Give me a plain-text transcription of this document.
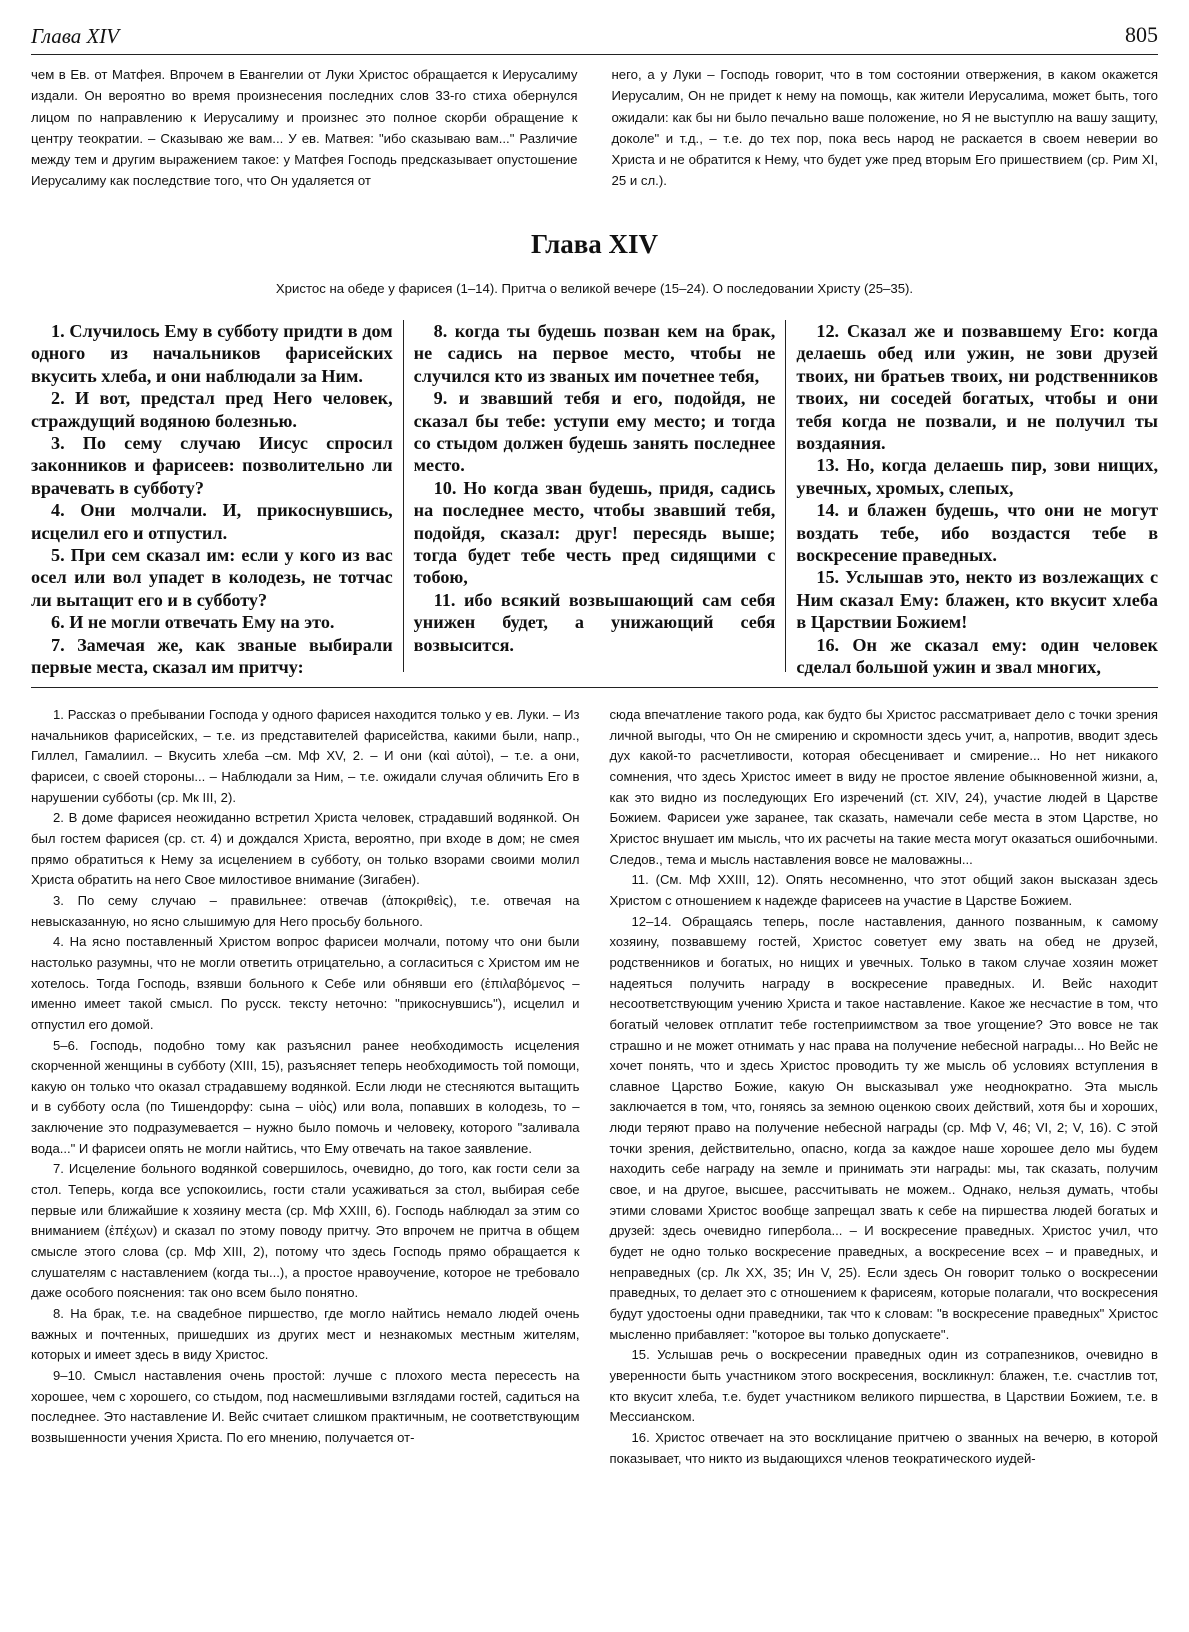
Глава XIV	805

чем в Ев. от Матфея. Впрочем в Евангелии от Луки Христос обращается к Иерусалиму издали. Он вероятно во время произнесения последних слов 33-го стиха обернулся лицом по направлению к Иерусалиму и произнес это полное скорби обращение к центру теократии. – Сказываю же вам... У ев. Матвея: "ибо сказываю вам..." Различие между тем и другим выражением такое: у Матфея Господь предсказывает опустошение Иерусалиму как последствие того, что Он удаляется от

него, а у Луки – Господь говорит, что в том состоянии отвержения, в каком окажется Иерусалим, Он не придет к нему на помощь, как жители Иерусалима, может быть, того ожидали: как бы ни было печально ваше положение, но Я не выступлю на вашу защиту, доколе" и т.д., – т.е. до тех пор, пока весь народ не раскается в своем неверии во Христа и не обратится к Нему, что будет уже пред вторым Его пришествием (ср. Рим XI, 25 и сл.).

Глава XIV
Христос на обеде у фарисея (1–14). Притча о великой вечере (15–24). О последовании Христу (25–35).

1. Случилось Ему в субботу придти в дом одного из начальников фарисейских вкусить хлеба, и они наблюдали за Ним.

2. И вот, предстал пред Него человек, страждущий водяною болезнью.

3. По сему случаю Иисус спросил законников и фарисеев: позволительно ли врачевать в субботу?

4. Они молчали. И, прикоснувшись, исцелил его и отпустил.

5. При сем сказал им: если у кого из вас осел или вол упадет в колодезь, не тотчас ли вытащит его и в субботу?

6. И не могли отвечать Ему на это.

7. Замечая же, как званые выбирали первые места, сказал им притчу:

8. когда ты будешь позван кем на брак, не садись на первое место, чтобы не случился кто из званых им почетнее тебя,

9. и звавший тебя и его, подойдя, не сказал бы тебе: уступи ему место; и тогда со стыдом должен будешь занять последнее место.

10. Но когда зван будешь, придя, садись на последнее место, чтобы звавший тебя, подойдя, сказал: друг! пересядь выше; тогда будет тебе честь пред сидящими с тобою,

11. ибо всякий возвышающий сам себя унижен будет, а унижающий себя возвысится.

12. Сказал же и позвавшему Его: когда делаешь обед или ужин, не зови друзей твоих, ни братьев твоих, ни родственников твоих, ни соседей богатых, чтобы и они тебя когда не позвали, и не получил ты воздаяния.

13. Но, когда делаешь пир, зови нищих, увечных, хромых, слепых,

14. и блажен будешь, что они не могут воздать тебе, ибо воздастся тебе в воскресение праведных.

15. Услышав это, некто из возлежащих с Ним сказал Ему: блажен, кто вкусит хлеба в Царствии Божием!

16. Он же сказал ему: один человек сделал большой ужин и звал многих,

1. Рассказ о пребывании Господа у одного фарисея находится только у ев. Луки. – Из начальников фарисейских, – т.е. из представителей фарисейства, какими были, напр., Гиллел, Гамалиил. – Вкусить хлеба –см. Мф XV, 2. – И они (καὶ αὐτοὶ), – т.е. а они, фарисеи, с своей стороны... – Наблюдали за Ним, – т.е. ожидали случая обличить Его в нарушении субботы (ср. Мк III, 2).

2. В доме фарисея неожиданно встретил Христа человек, страдавший водянкой. Он был гостем фарисея (ср. ст. 4) и дождался Христа, вероятно, при входе в дом; не смея прямо обратиться к Нему за исцелением в субботу, он только взорами своими молил Христа обратить на него Свое милостивое внимание (Зигабен).

3. По сему случаю – правильнее: отвечав (ἀποκριθεὶς), т.е. отвечая на невысказанную, но ясно слышимую для Него просьбу больного.

4. На ясно поставленный Христом вопрос фарисеи молчали, потому что они были настолько разумны, что не могли ответить отрицательно, а согласиться с Христом им не хотелось. Тогда Господь, взявши больного к Себе или обнявши его (ἐπιλαβόμενος – именно имеет такой смысл. По русск. тексту неточно: "прикоснувшись"), исцелил и отпустил его домой.

5–6. Господь, подобно тому как разъяснил ранее необходимость исцеления скорченной женщины в субботу (XIII, 15), разъясняет теперь необходимость той помощи, какую он только что оказал страдавшему водянкой. Если люди не стесняются вытащить и в субботу осла (по Тишендорфу: сына – υἱὸς) или вола, попавших в колодезь, то – заключение это подразумевается – нужно было помочь и человеку, которого "заливала вода..." И фарисеи опять не могли найтись, что Ему отвечать на такое заявление.

7. Исцеление больного водянкой совершилось, очевидно, до того, как гости сели за стол. Теперь, когда все успокоились, гости стали усаживаться за стол, выбирая себе первые или ближайшие к хозяину места (ср. Мф XXIII, 6). Господь наблюдал за этим со вниманием (ἐπέχων) и сказал по этому поводу притчу. Это впрочем не притча в общем смысле этого слова (ср. Мф XIII, 2), потому что здесь Господь прямо обращается к слушателям с наставлением (когда ты...), а простое нравоучение, которое не требовало даже особого пояснения: так оно всем было понятно.

8. На брак, т.е. на свадебное пиршество, где могло найтись немало людей очень важных и почтенных, пришедших из других мест и незнакомых местным жителям, которых и имеет здесь в виду Христос.

9–10. Смысл наставления очень простой: лучше с плохого места пересесть на хорошее, чем с хорошего, со стыдом, под насмешливыми взглядами гостей, садиться на последнее. Это наставление И. Вейс считает слишком практичным, не соответствующим возвышенности учения Христа. По его мнению, получается от-

сюда впечатление такого рода, как будто бы Христос рассматривает дело с точки зрения личной выгоды, что Он не смирению и скромности здесь учит, а, напротив, вводит здесь дух какой-то расчетливости, которая обесценивает и смирение... Но нет никакого сомнения, что здесь Христос имеет в виду не простое явление обыкновенной жизни, а, как это видно из последующих Его изречений (ст. XIV, 24), участие людей в Царстве Божием. Фарисеи уже заранее, так сказать, намечали себе места в этом Царстве, но Христос внушает им мысль, что их расчеты на такие места могут оказаться ошибочными. Следов., тема и мысль наставления вовсе не маловажны...

11. (См. Мф XXIII, 12). Опять несомненно, что этот общий закон высказан здесь Христом с отношением к надежде фарисеев на участие в Царстве Божием.

12–14. Обращаясь теперь, после наставления, данного позванным, к самому хозяину, позвавшему гостей, Христос советует ему звать на обед не друзей, родственников и богатых, но нищих и увечных. Только в таком случае хозяин может надеяться получить награду в воскресение праведных. И. Вейс находит несоответствующим учению Христа и такое наставление. Какое же несчастие в том, что богатый человек отплатит тебе гостеприимством за твое угощение? Это вовсе не так страшно и не может отнимать у нас права на получение небесной награды... Но Вейс не хочет понять, что и здесь Христос проводить ту же мысль об условиях вступления в славное Царство Божие, какую Он высказывал уже неоднократно. Эта мысль заключается в том, что, гоняясь за земною оценкою своих действий, хотя бы и хороших, люди теряют право на получение небесной награды (ср. Мф V, 46; VI, 2; V, 16). С этой точки зрения, действительно, опасно, когда за каждое наше хорошее дело мы будем находить себе награду на земле и принимать эти награды: мы, так сказать, получим свое, и на другое, высшее, рассчитывать не можем.. Однако, нельзя думать, чтобы этими словами Христос вообще запрещал звать к себе на пиршества людей богатых и друзей: здесь очевидно гипербола... – И воскресение праведных. Христос учил, что будет не одно только воскресение праведных, а воскресение всех – и праведных, и неправедных (ср. Лк XX, 35; Ин V, 25). Если здесь Он говорит только о воскресении праведных, то делает это с отношением к фарисеям, которые полагали, что воскресения будут удостоены одни праведники, так что к словам: "в воскресение праведных" Христос мысленно прибавляет: "которое вы только допускаете".

15. Услышав речь о воскресении праведных один из сотрапезников, очевидно в уверенности быть участником этого воскресения, воскликнул: блажен, т.е. счастлив тот, кто вкусит хлеба, т.е. будет участником великого пиршества, в Царствии Божием, т.е. в Мессианском.

16. Христос отвечает на это восклицание притчею о званных на вечерю, в которой показывает, что никто из выдающихся членов теократического иудей-
